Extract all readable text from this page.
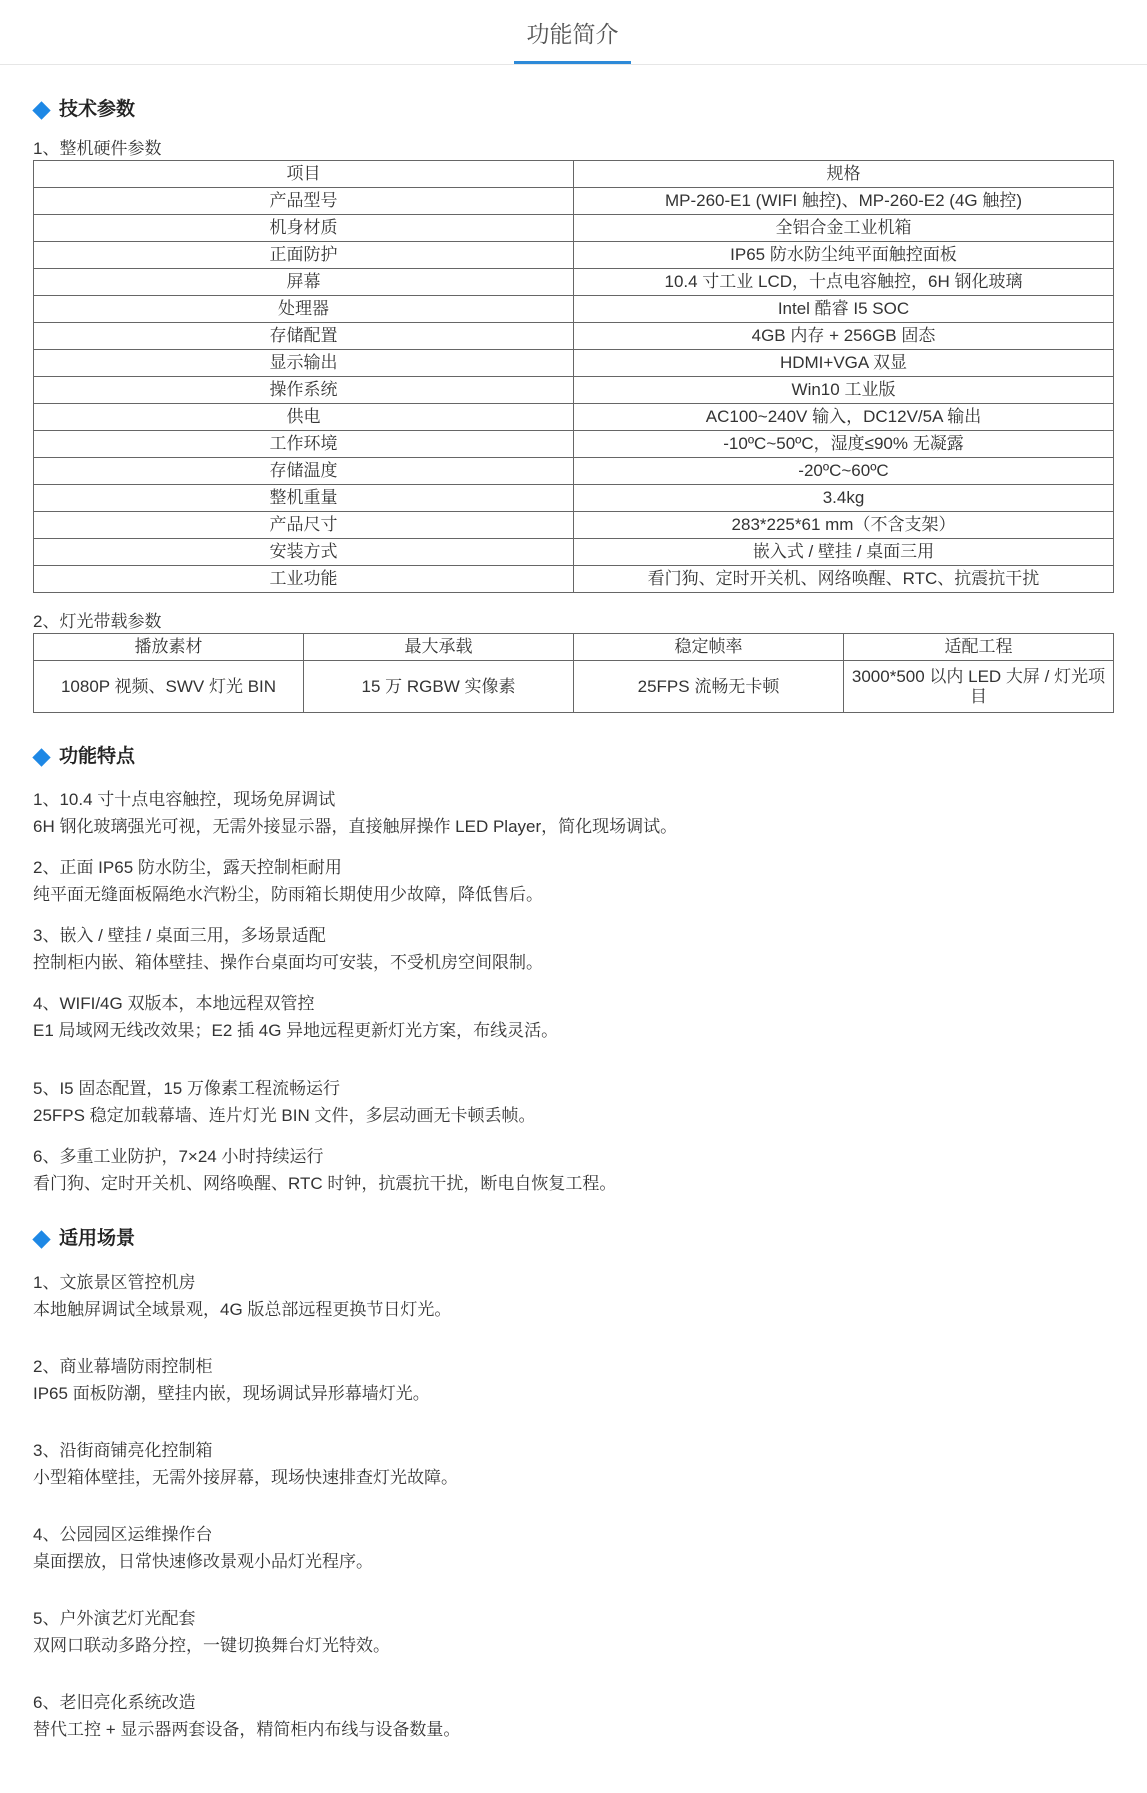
功能简介
技术参数
1、整机硬件参数
项目	规格
产品型号	MP-260-E1 (WIFI 触控)、MP-260-E2 (4G 触控)
机身材质	全铝合金工业机箱
正面防护	IP65 防水防尘纯平面触控面板
屏幕	10.4 寸工业 LCD，十点电容触控，6H 钢化玻璃
处理器	Intel 酷睿 I5 SOC
存储配置	4GB 内存 + 256GB 固态
显示输出	HDMI+VGA 双显
操作系统	Win10 工业版
供电	AC100~240V 输入，DC12V/5A 输出
工作环境	-10ºC~50ºC，湿度≤90% 无凝露
存储温度	-20ºC~60ºC
整机重量	3.4kg
产品尺寸	283*225*61 mm（不含支架）
安装方式	嵌入式 / 壁挂 / 桌面三用
工业功能	看门狗、定时开关机、网络唤醒、RTC、抗震抗干扰
2、灯光带载参数
播放素材	最大承载	稳定帧率	适配工程
1080P 视频、SWV 灯光 BIN	15 万 RGBW 实像素	25FPS 流畅无卡顿	3000*500 以内 LED 大屏 / 灯光项目
功能特点
1、10.4 寸十点电容触控，现场免屏调试
6H 钢化玻璃强光可视，无需外接显示器，直接触屏操作 LED Player，简化现场调试。
2、正面 IP65 防水防尘，露天控制柜耐用
纯平面无缝面板隔绝水汽粉尘，防雨箱长期使用少故障，降低售后。
3、嵌入 / 壁挂 / 桌面三用，多场景适配
控制柜内嵌、箱体壁挂、操作台桌面均可安装，不受机房空间限制。
4、WIFI/4G 双版本，本地远程双管控
E1 局域网无线改效果；E2 插 4G 异地远程更新灯光方案，布线灵活。
5、I5 固态配置，15 万像素工程流畅运行
25FPS 稳定加载幕墙、连片灯光 BIN 文件，多层动画无卡顿丢帧。
6、多重工业防护，7×24 小时持续运行
看门狗、定时开关机、网络唤醒、RTC 时钟，抗震抗干扰，断电自恢复工程。
适用场景
1、文旅景区管控机房
本地触屏调试全域景观，4G 版总部远程更换节日灯光。
2、商业幕墙防雨控制柜
IP65 面板防潮，壁挂内嵌，现场调试异形幕墙灯光。
3、沿街商铺亮化控制箱
小型箱体壁挂，无需外接屏幕，现场快速排查灯光故障。
4、公园园区运维操作台
桌面摆放，日常快速修改景观小品灯光程序。
5、户外演艺灯光配套
双网口联动多路分控，一键切换舞台灯光特效。
6、老旧亮化系统改造
替代工控 + 显示器两套设备，精简柜内布线与设备数量。
